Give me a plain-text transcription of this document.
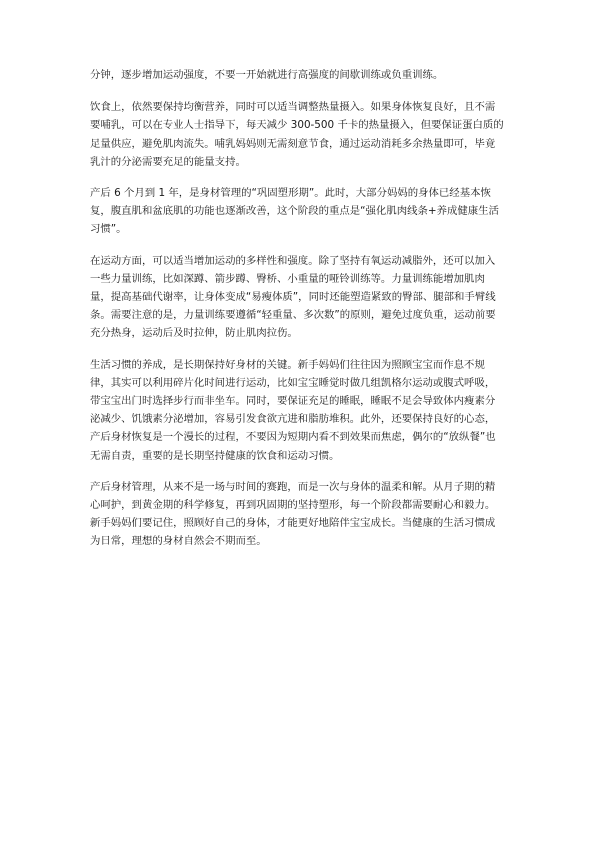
分钟，逐步增加运动强度，不要一开始就进行高强度的间歇训练或负重训练。

饮食上，依然要保持均衡营养，同时可以适当调整热量摄入。如果身体恢复良好，且不需要哺乳，可以在专业人士指导下，每天减少 300-500 千卡的热量摄入，但要保证蛋白质的足量供应，避免肌肉流失。哺乳妈妈则无需刻意节食，通过运动消耗多余热量即可，毕竟乳汁的分泌需要充足的能量支持。

产后 6 个月到 1 年，是身材管理的“巩固塑形期”。此时，大部分妈妈的身体已经基本恢复，腹直肌和盆底肌的功能也逐渐改善，这个阶段的重点是“强化肌肉线条+养成健康生活习惯”。

在运动方面，可以适当增加运动的多样性和强度。除了坚持有氧运动减脂外，还可以加入一些力量训练，比如深蹲、箭步蹲、臀桥、小重量的哑铃训练等。力量训练能增加肌肉量，提高基础代谢率，让身体变成“易瘦体质”，同时还能塑造紧致的臀部、腿部和手臂线条。需要注意的是，力量训练要遵循“轻重量、多次数”的原则，避免过度负重，运动前要充分热身，运动后及时拉伸，防止肌肉拉伤。

生活习惯的养成，是长期保持好身材的关键。新手妈妈们往往因为照顾宝宝而作息不规律，其实可以利用碎片化时间进行运动，比如宝宝睡觉时做几组凯格尔运动或腹式呼吸，带宝宝出门时选择步行而非坐车。同时，要保证充足的睡眠，睡眠不足会导致体内瘦素分泌减少、饥饿素分泌增加，容易引发食欲亢进和脂肪堆积。此外，还要保持良好的心态，产后身材恢复是一个漫长的过程，不要因为短期内看不到效果而焦虑，偶尔的“放纵餐”也无需自责，重要的是长期坚持健康的饮食和运动习惯。

产后身材管理，从来不是一场与时间的赛跑，而是一次与身体的温柔和解。从月子期的精心呵护，到黄金期的科学修复，再到巩固期的坚持塑形，每一个阶段都需要耐心和毅力。新手妈妈们要记住，照顾好自己的身体，才能更好地陪伴宝宝成长。当健康的生活习惯成为日常，理想的身材自然会不期而至。
